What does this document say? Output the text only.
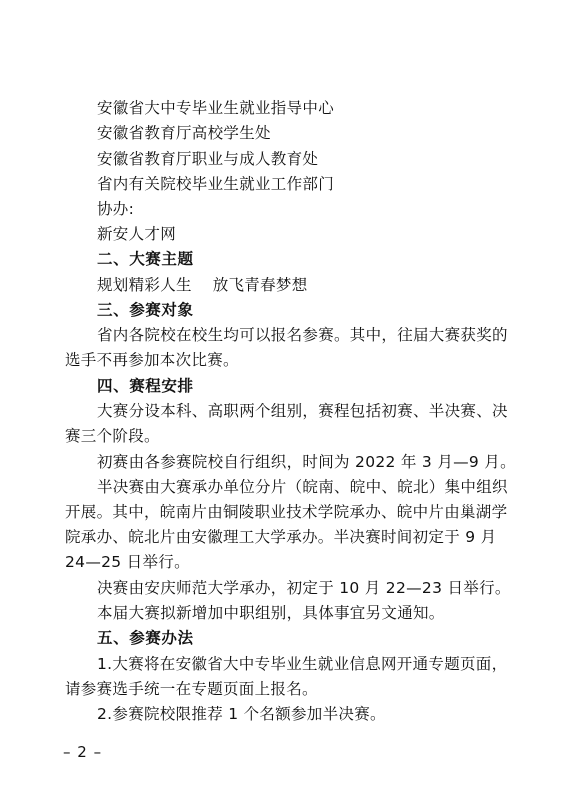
安徽省大中专毕业生就业指导中心
安徽省教育厅高校学生处
安徽省教育厅职业与成人教育处
省内有关院校毕业生就业工作部门
协办:
新安人才网
二、大赛主题
规划精彩人生    放飞青春梦想
三、参赛对象
省内各院校在校生均可以报名参赛。其中，往届大赛获奖的
选手不再参加本次比赛。
四、赛程安排
大赛分设本科、高职两个组别，赛程包括初赛、半决赛、决
赛三个阶段。
初赛由各参赛院校自行组织，时间为 2022 年 3 月—9 月。
半决赛由大赛承办单位分片（皖南、皖中、皖北）集中组织
开展。其中，皖南片由铜陵职业技术学院承办、皖中片由巢湖学
院承办、皖北片由安徽理工大学承办。半决赛时间初定于 9 月
24—25 日举行。
决赛由安庆师范大学承办，初定于 10 月 22—23 日举行。
本届大赛拟新增加中职组别，具体事宜另文通知。
五、参赛办法
1.大赛将在安徽省大中专毕业生就业信息网开通专题页面，
请参赛选手统一在专题页面上报名。
2.参赛院校限推荐 1 个名额参加半决赛。
– 2 –
